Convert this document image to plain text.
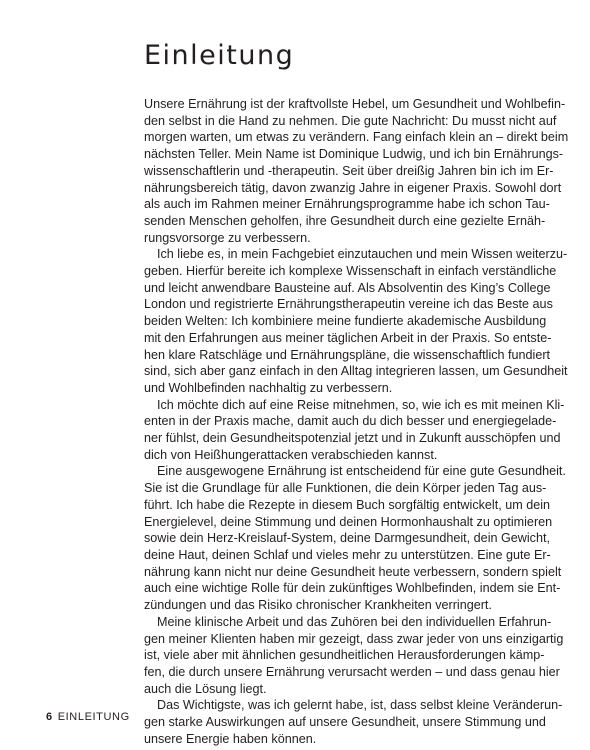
Einleitung

Unsere Ernährung ist der kraftvollste Hebel, um Gesundheit und Wohlbefin-
den selbst in die Hand zu nehmen. Die gute Nachricht: Du musst nicht auf
morgen warten, um etwas zu verändern. Fang einfach klein an – direkt beim
nächsten Teller. Mein Name ist Dominique Ludwig, und ich bin Ernährungs-
wissenschaftlerin und -therapeutin. Seit über dreißig Jahren bin ich im Er-
nährungsbereich tätig, davon zwanzig Jahre in eigener Praxis. Sowohl dort
als auch im Rahmen meiner Ernährungsprogramme habe ich schon Tau-
senden Menschen geholfen, ihre Gesundheit durch eine gezielte Ernäh-
rungsvorsorge zu verbessern.

Ich liebe es, in mein Fachgebiet einzutauchen und mein Wissen weiterzu-
geben. Hierfür bereite ich komplexe Wissenschaft in einfach verständliche
und leicht anwendbare Bausteine auf. Als Absolventin des King’s College
London und registrierte Ernährungstherapeutin vereine ich das Beste aus
beiden Welten: Ich kombiniere meine fundierte akademische Ausbildung
mit den Erfahrungen aus meiner täglichen Arbeit in der Praxis. So entste-
hen klare Ratschläge und Ernährungspläne, die wissenschaftlich fundiert
sind, sich aber ganz einfach in den Alltag integrieren lassen, um Gesundheit
und Wohlbefinden nachhaltig zu verbessern.

Ich möchte dich auf eine Reise mitnehmen, so, wie ich es mit meinen Kli-
enten in der Praxis mache, damit auch du dich besser und energiegelade-
ner fühlst, dein Gesundheitspotenzial jetzt und in Zukunft ausschöpfen und
dich von Heißhungerattacken verabschieden kannst.

Eine ausgewogene Ernährung ist entscheidend für eine gute Gesundheit.
Sie ist die Grundlage für alle Funktionen, die dein Körper jeden Tag aus-
führt. Ich habe die Rezepte in diesem Buch sorgfältig entwickelt, um dein
Energielevel, deine Stimmung und deinen Hormonhaushalt zu optimieren
sowie dein Herz-Kreislauf-System, deine Darmgesundheit, dein Gewicht,
deine Haut, deinen Schlaf und vieles mehr zu unterstützen. Eine gute Er-
nährung kann nicht nur deine Gesundheit heute verbessern, sondern spielt
auch eine wichtige Rolle für dein zukünftiges Wohlbefinden, indem sie Ent-
zündungen und das Risiko chronischer Krankheiten verringert.

Meine klinische Arbeit und das Zuhören bei den individuellen Erfahrun-
gen meiner Klienten haben mir gezeigt, dass zwar jeder von uns einzigartig
ist, viele aber mit ähnlichen gesundheitlichen Herausforderungen kämp-
fen, die durch unsere Ernährung verursacht werden – und dass genau hier
auch die Lösung liegt.

Das Wichtigste, was ich gelernt habe, ist, dass selbst kleine Veränderun-
gen starke Auswirkungen auf unsere Gesundheit, unsere Stimmung und
unsere Energie haben können.

6 EINLEITUNG
